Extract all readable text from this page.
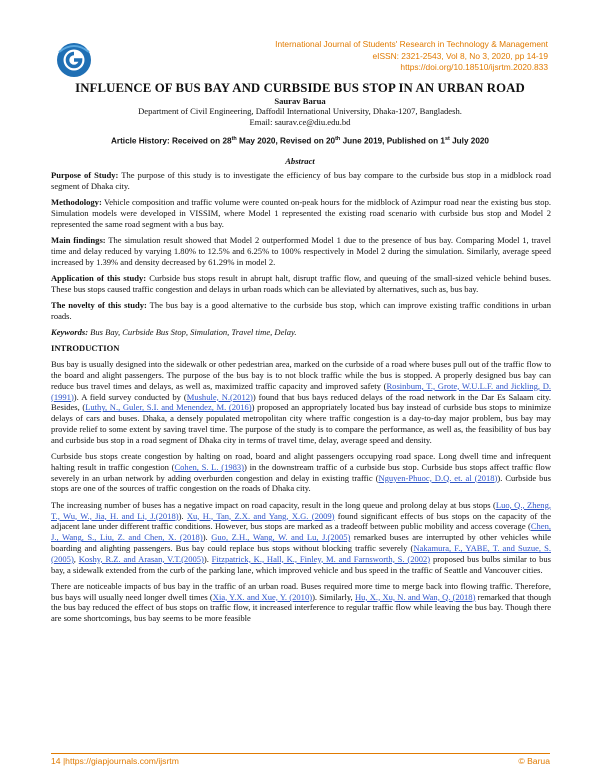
International Journal of Students' Research in Technology & Management
eISSN: 2321-2543, Vol 8, No 3, 2020, pp 14-19
https://doi.org/10.18510/ijsrtm.2020.833
INFLUENCE OF BUS BAY AND CURBSIDE BUS STOP IN AN URBAN ROAD
Saurav Barua
Department of Civil Engineering, Daffodil International University, Dhaka-1207, Bangladesh.
Email: saurav.ce@diu.edu.bd
Article History: Received on 28th May 2020, Revised on 20th June 2019, Published on 1st July 2020
Abstract

Purpose of Study: The purpose of this study is to investigate the efficiency of bus bay compare to the curbside bus stop in a midblock road segment of Dhaka city.

Methodology: Vehicle composition and traffic volume were counted on-peak hours for the midblock of Azimpur road near the existing bus stop. Simulation models were developed in VISSIM, where Model 1 represented the existing road scenario with curbside bus stop and Model 2 represented the same road segment with a bus bay.

Main findings: The simulation result showed that Model 2 outperformed Model 1 due to the presence of bus bay. Comparing Model 1, travel time and delay reduced by varying 1.80% to 12.5% and 6.25% to 100% respectively in Model 2 during the simulation. Similarly, average speed increased by 1.39% and density decreased by 61.29% in model 2.

Application of this study: Curbside bus stops result in abrupt halt, disrupt traffic flow, and queuing of the small-sized vehicle behind buses. These bus stops caused traffic congestion and delays in urban roads which can be alleviated by alternatives, such as, bus bay.

The novelty of this study: The bus bay is a good alternative to the curbside bus stop, which can improve existing traffic conditions in urban roads.

Keywords: Bus Bay, Curbside Bus Stop, Simulation, Travel time, Delay.

INTRODUCTION

Bus bay is usually designed into the sidewalk or other pedestrian area, marked on the curbside of a road where buses pull out of the traffic flow to the board and alight passengers. The purpose of the bus bay is to not block traffic while the bus is stopped. A properly designed bus bay can reduce bus travel times and delays, as well as, maximized traffic capacity and improved safety (Rosinbum, T., Grote, W.U.L.F. and Jickling, D. (1991)). A field survey conducted by (Mushule, N.(2012)) found that bus bays reduced delays of the road network in the Dar Es Salaam city. Besides, (Luthy, N., Guler, S.I. and Menendez, M. (2016)) proposed an appropriately located bus bay instead of curbside bus stops to minimize delays of cars and buses. Dhaka, a densely populated metropolitan city where traffic congestion is a day-to-day major problem, bus bay may provide relief to some extent by saving travel time. The purpose of the study is to compare the performance, as well as, the feasibility of bus bay and curbside bus stop in a road segment of Dhaka city in terms of travel time, delay, average speed and density.

Curbside bus stops create congestion by halting on road, board and alight passengers occupying road space. Long dwell time and infrequent halting result in traffic congestion (Cohen, S. L. (1983)) in the downstream traffic of a curbside bus stop. Curbside bus stops affect traffic flow severely in an urban network by adding overburden congestion and delay in existing traffic (Nguyen-Phuoc, D.Q. et. al (2018)). Curbside bus stops are one of the sources of traffic congestion on the roads of Dhaka city.

The increasing number of buses has a negative impact on road capacity, result in the long queue and prolong delay at bus stops (Luo, Q., Zheng, T., Wu, W., Jia, H. and Li, J.(2018)). Xu, H., Tan, Z.X. and Yang, X.G. (2009) found significant effects of bus stops on the capacity of the adjacent lane under different traffic conditions. However, bus stops are marked as a tradeoff between public mobility and access coverage (Chen, J., Wang, S., Liu, Z. and Chen, X. (2018)). Guo, Z.H., Wang, W. and Lu, J.(2005) remarked buses are interrupted by other vehicles while boarding and alighting passengers. Bus bay could replace bus stops without blocking traffic severely (Nakamura, F., YABE, T. and Suzue, S.(2005), Koshy, R.Z. and Arasan, V.T.(2005)). Fitzpatrick, K., Hall, K., Finley, M. and Farnsworth, S. (2002) proposed bus bulbs similar to bus bay, a sidewalk extended from the curb of the parking lane, which improved vehicle and bus speed in the traffic of Seattle and Vancouver cities.

There are noticeable impacts of bus bay in the traffic of an urban road. Buses required more time to merge back into flowing traffic. Therefore, bus bays will usually need longer dwell times (Xia, Y.X. and Xue, Y. (2010)). Similarly, Hu, X., Xu, N. and Wan, Q. (2018) remarked that though the bus bay reduced the effect of bus stops on traffic flow, it increased interference to regular traffic flow while leaving the bus bay. Though there are some shortcomings, bus bay seems to be more feasible

14 |https://giapjournals.com/ijsrtm	© Barua
